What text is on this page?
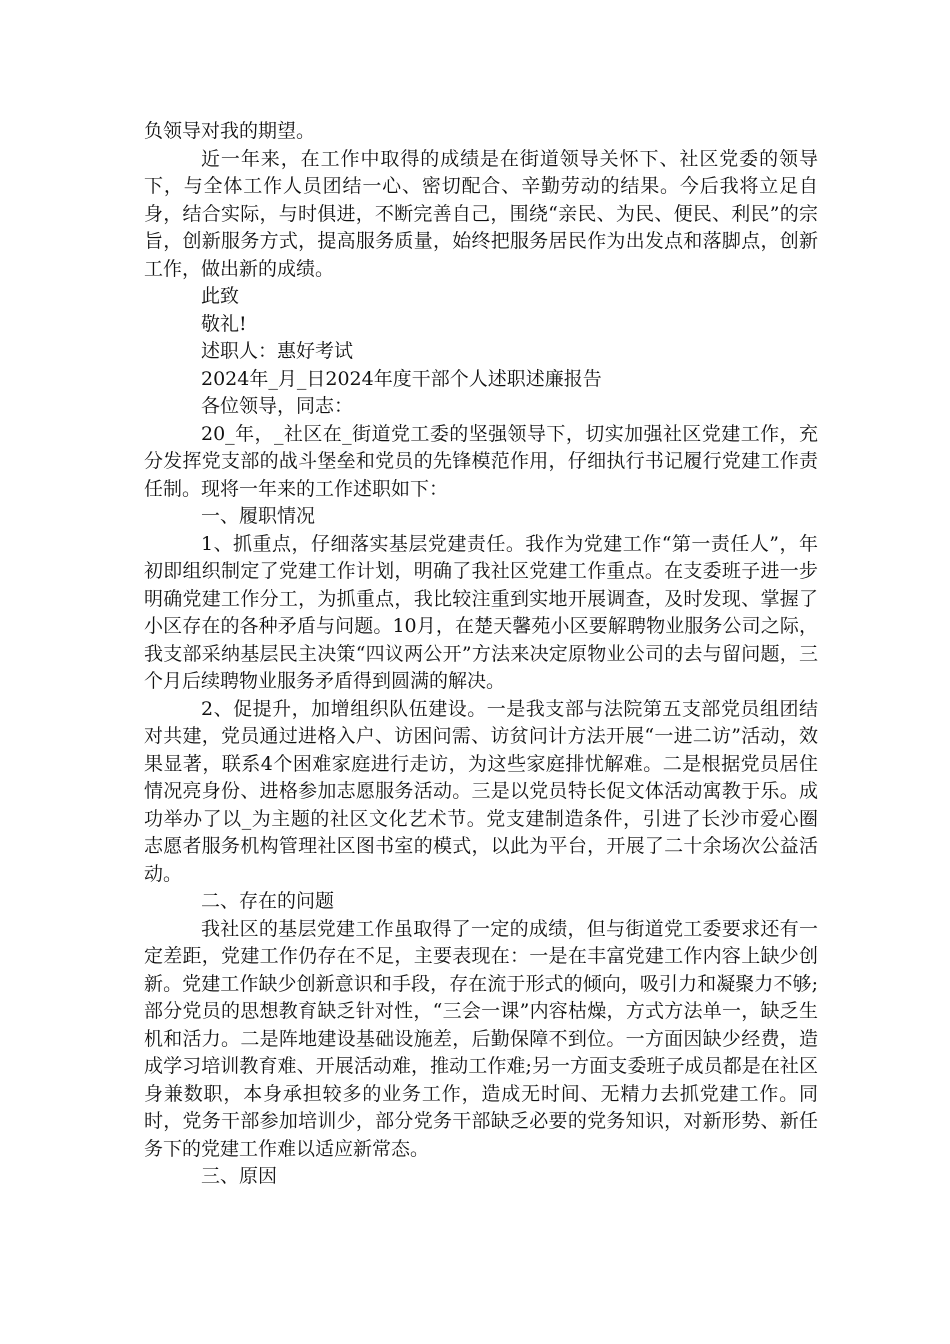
负领导对我的期望。

近一年来，在工作中取得的成绩是在街道领导关怀下、社区党委的领导下，与全体工作人员团结一心、密切配合、辛勤劳动的结果。今后我将立足自身，结合实际，与时俱进，不断完善自己，围绕“亲民、为民、便民、利民”的宗旨，创新服务方式，提高服务质量，始终把服务居民作为出发点和落脚点，创新工作，做出新的成绩。

此致

敬礼!

述职人：惠好考试

2024年_月_日2024年度干部个人述职述廉报告

各位领导，同志：

20_年，_社区在_街道党工委的坚强领导下，切实加强社区党建工作，充分发挥党支部的战斗堡垒和党员的先锋模范作用，仔细执行书记履行党建工作责任制。现将一年来的工作述职如下：

一、履职情况

1、抓重点，仔细落实基层党建责任。我作为党建工作“第一责任人”，年初即组织制定了党建工作计划，明确了我社区党建工作重点。在支委班子进一步明确党建工作分工，为抓重点，我比较注重到实地开展调查，及时发现、掌握了小区存在的各种矛盾与问题。10月，在楚天馨苑小区要解聘物业服务公司之际，我支部采纳基层民主决策“四议两公开”方法来决定原物业公司的去与留问题，三个月后续聘物业服务矛盾得到圆满的解决。

2、促提升，加增组织队伍建设。一是我支部与法院第五支部党员组团结对共建，党员通过进格入户、访困问需、访贫问计方法开展“一进二访”活动，效果显著，联系4个困难家庭进行走访，为这些家庭排忧解难。二是根据党员居住情况亮身份、进格参加志愿服务活动。三是以党员特长促文体活动寓教于乐。成功举办了以_为主题的社区文化艺术节。党支建制造条件，引进了长沙市爱心圈志愿者服务机构管理社区图书室的模式，以此为平台，开展了二十余场次公益活动。

二、存在的问题

我社区的基层党建工作虽取得了一定的成绩，但与街道党工委要求还有一定差距，党建工作仍存在不足，主要表现在：一是在丰富党建工作内容上缺少创新。党建工作缺少创新意识和手段，存在流于形式的倾向，吸引力和凝聚力不够;部分党员的思想教育缺乏针对性，“三会一课”内容枯燥，方式方法单一，缺乏生机和活力。二是阵地建设基础设施差，后勤保障不到位。一方面因缺少经费，造成学习培训教育难、开展活动难，推动工作难;另一方面支委班子成员都是在社区身兼数职，本身承担较多的业务工作，造成无时间、无精力去抓党建工作。同时，党务干部参加培训少，部分党务干部缺乏必要的党务知识，对新形势、新任务下的党建工作难以适应新常态。

三、原因
